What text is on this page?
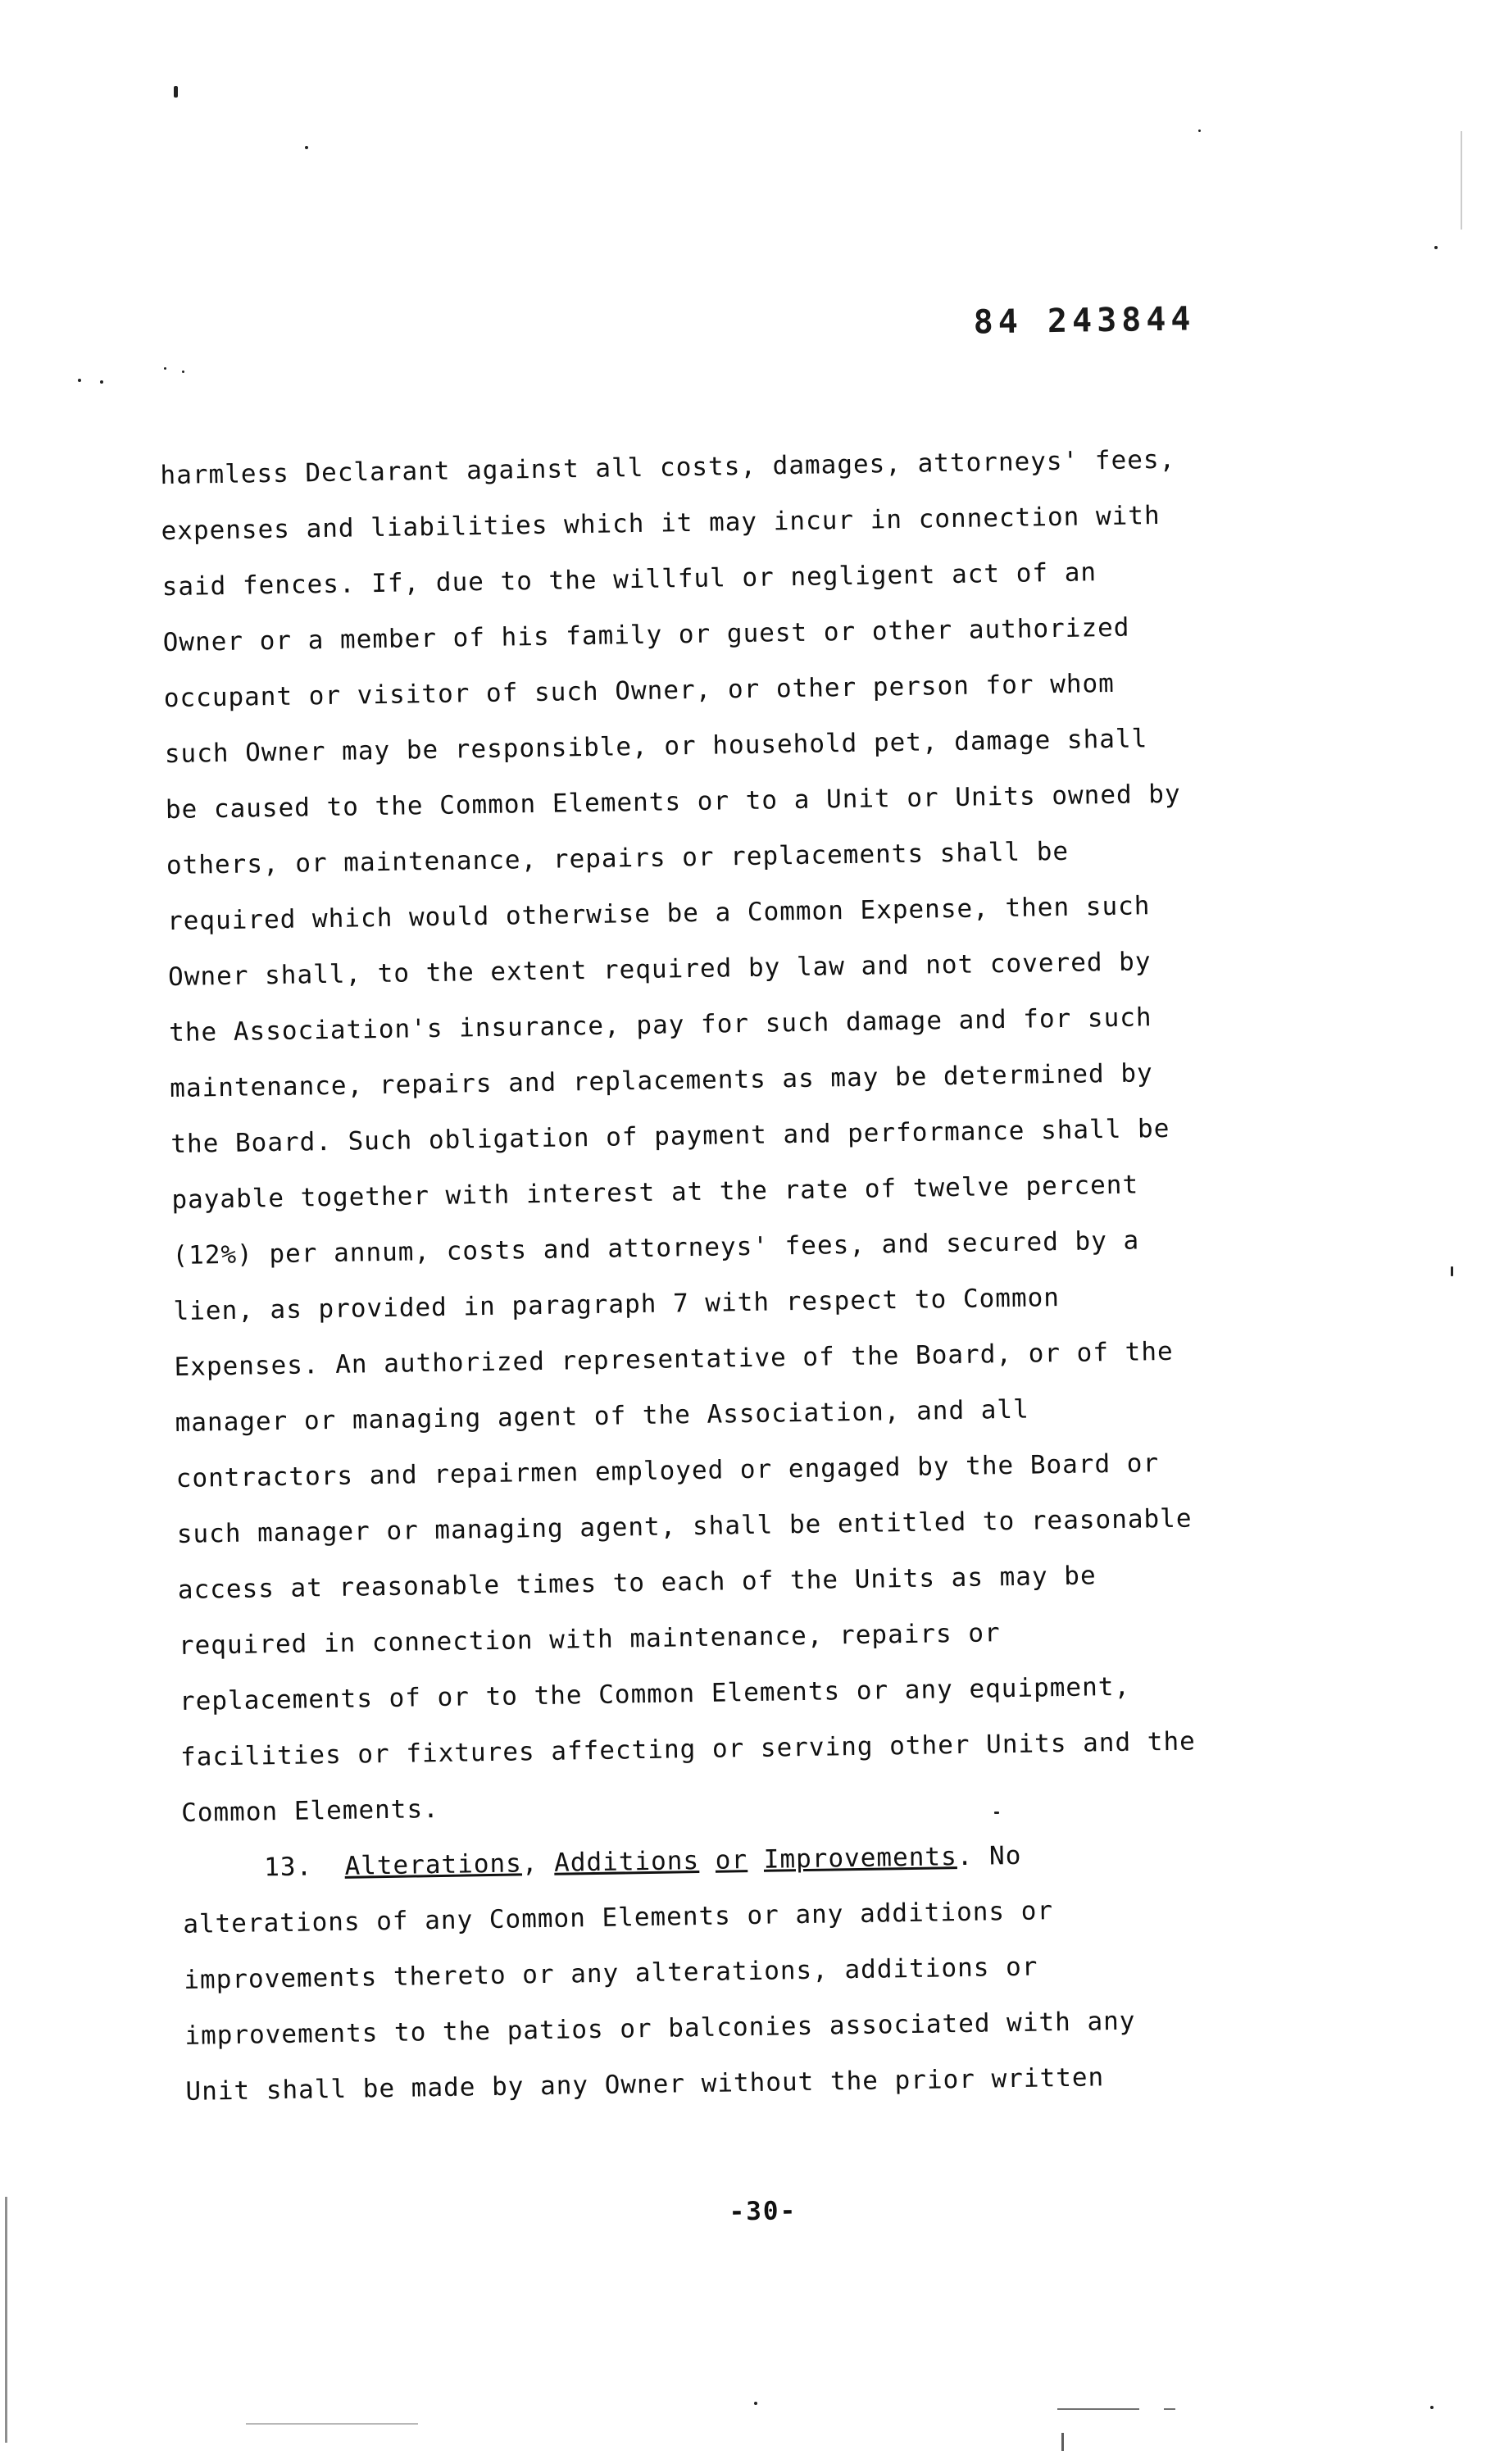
84 243844
harmless Declarant against all costs, damages, attorneys' fees,
expenses and liabilities which it may incur in connection with
said fences. If, due to the willful or negligent act of an
Owner or a member of his family or guest or other authorized
occupant or visitor of such Owner, or other person for whom
such Owner may be responsible, or household pet, damage shall
be caused to the Common Elements or to a Unit or Units owned by
others, or maintenance, repairs or replacements shall be
required which would otherwise be a Common Expense, then such
Owner shall, to the extent required by law and not covered by
the Association's insurance, pay for such damage and for such
maintenance, repairs and replacements as may be determined by
the Board. Such obligation of payment and performance shall be
payable together with interest at the rate of twelve percent
(12%) per annum, costs and attorneys' fees, and secured by a
lien, as provided in paragraph 7 with respect to Common
Expenses. An authorized representative of the Board, or of the
manager or managing agent of the Association, and all
contractors and repairmen employed or engaged by the Board or
such manager or managing agent, shall be entitled to reasonable
access at reasonable times to each of the Units as may be
required in connection with maintenance, repairs or
replacements of or to the Common Elements or any equipment,
facilities or fixtures affecting or serving other Units and the
Common Elements.
13. Alterations, Additions or Improvements. No
alterations of any Common Elements or any additions or
improvements thereto or any alterations, additions or
improvements to the patios or balconies associated with any
Unit shall be made by any Owner without the prior written
-30-
